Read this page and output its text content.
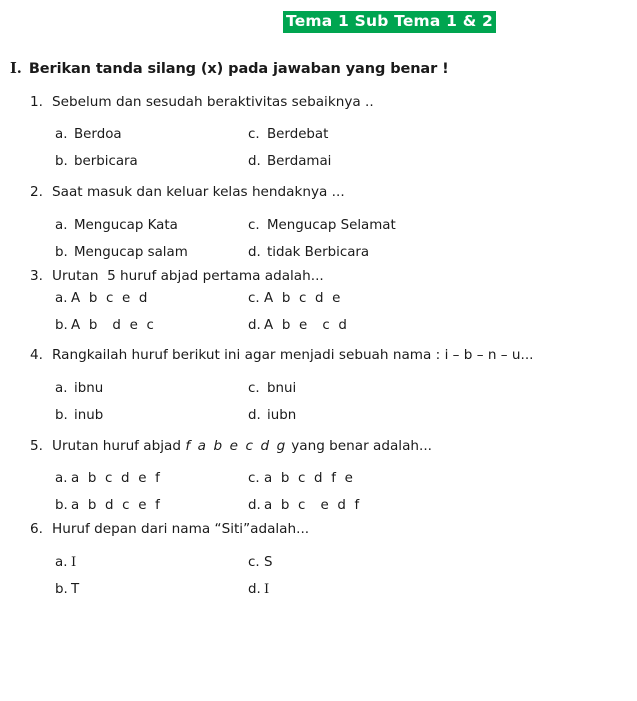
Tema 1 Sub Tema 1 & 2
I. Berikan tanda silang (x) pada jawaban yang benar !
1. Sebelum dan sesudah beraktivitas sebaiknya ..
a. Berdoa	c. Berdebat
b. berbicara	d. Berdamai
2. Saat masuk dan keluar kelas hendaknya ...
a. Mengucap Kata	c. Mengucap Selamat
b. Mengucap salam	d. tidak Berbicara
3. Urutan  5 huruf abjad pertama adalah...
a. A b c e d	c. A b c d e
b. A b  d e c	d. A b e  c d
4. Rangkailah huruf berikut ini agar menjadi sebuah nama : i – b – n – u...
a. ibnu	c. bnui
b. inub	d. iubn
5. Urutan huruf abjad f a b e c d g yang benar adalah...
a. a b c d e f	c. a b c d f e
b. a b d c e f	d. a b c  e d f
6. Huruf depan dari nama “Siti”adalah...
a. I	c. S
b. T	d. I
